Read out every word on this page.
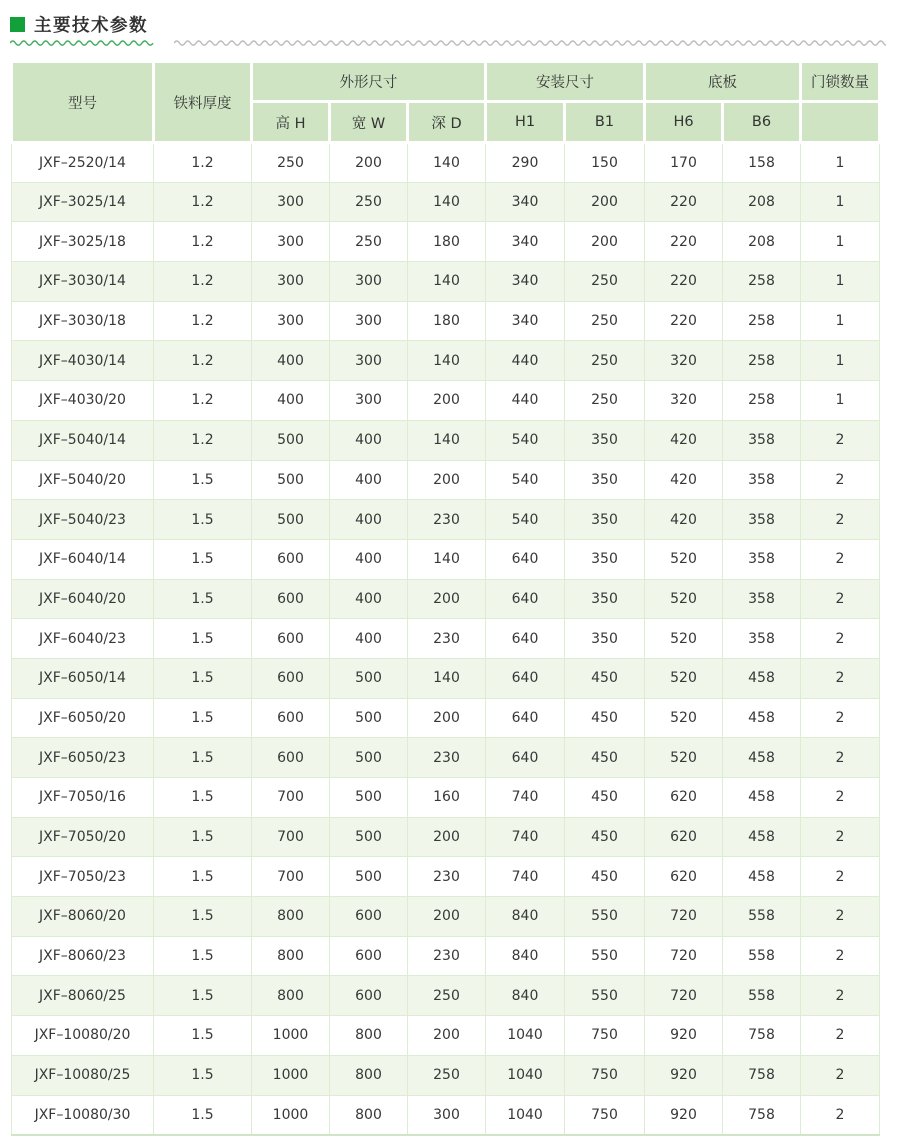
主要技术参数
型号	铁料厚度	外形尺寸			安装尺寸		底板		门锁数量
		高 H	宽 W	深 D	H1	B1	H6	B6	
JXF–2520/14	1.2	250	200	140	290	150	170	158	1
JXF–3025/14	1.2	300	250	140	340	200	220	208	1
JXF–3025/18	1.2	300	250	180	340	200	220	208	1
JXF–3030/14	1.2	300	300	140	340	250	220	258	1
JXF–3030/18	1.2	300	300	180	340	250	220	258	1
JXF–4030/14	1.2	400	300	140	440	250	320	258	1
JXF–4030/20	1.2	400	300	200	440	250	320	258	1
JXF–5040/14	1.2	500	400	140	540	350	420	358	2
JXF–5040/20	1.5	500	400	200	540	350	420	358	2
JXF–5040/23	1.5	500	400	230	540	350	420	358	2
JXF–6040/14	1.5	600	400	140	640	350	520	358	2
JXF–6040/20	1.5	600	400	200	640	350	520	358	2
JXF–6040/23	1.5	600	400	230	640	350	520	358	2
JXF–6050/14	1.5	600	500	140	640	450	520	458	2
JXF–6050/20	1.5	600	500	200	640	450	520	458	2
JXF–6050/23	1.5	600	500	230	640	450	520	458	2
JXF–7050/16	1.5	700	500	160	740	450	620	458	2
JXF–7050/20	1.5	700	500	200	740	450	620	458	2
JXF–7050/23	1.5	700	500	230	740	450	620	458	2
JXF–8060/20	1.5	800	600	200	840	550	720	558	2
JXF–8060/23	1.5	800	600	230	840	550	720	558	2
JXF–8060/25	1.5	800	600	250	840	550	720	558	2
JXF–10080/20	1.5	1000	800	200	1040	750	920	758	2
JXF–10080/25	1.5	1000	800	250	1040	750	920	758	2
JXF–10080/30	1.5	1000	800	300	1040	750	920	758	2
